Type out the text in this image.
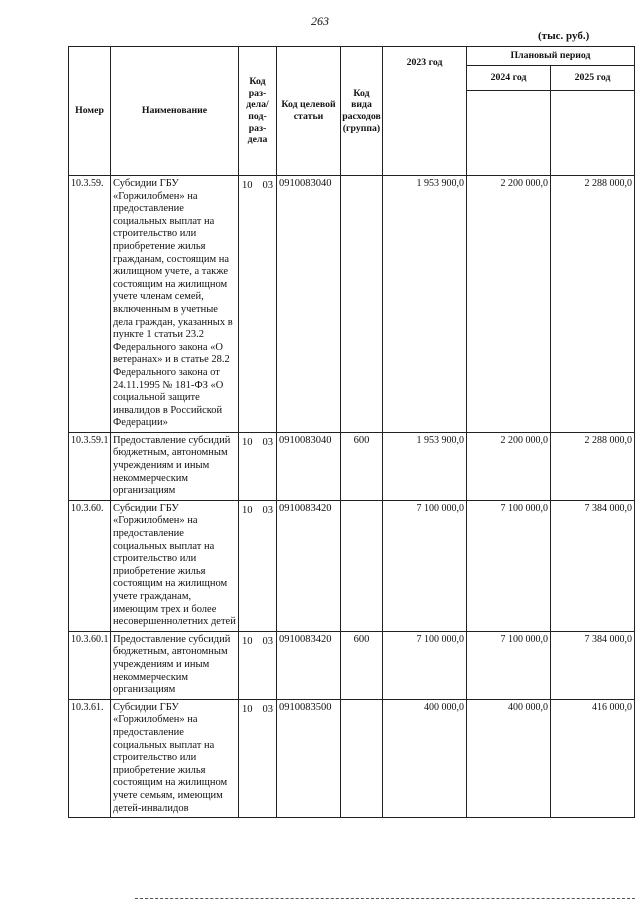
263
(тыс. руб.)
Номер	Наименование	Код раз-дела/ под-раз-дела	Код целевой статьи	Код вида расходов (группа)	2023 год	Плановый период	
						2024 год	2025 год

10.3.59.	Субсидии ГБУ «Горжилобмен» на предоставление социальных выплат на строительство или приобретение жилья гражданам, состоящим на жилищном учете, а также состоящим на жилищном учете членам семей, включенным в учетные дела граждан, указанных в пункте 1 статьи 23.2 Федерального закона «О ветеранах» и в статье 28.2 Федерального закона от 24.11.1995 № 181-ФЗ «О социальной защите инвалидов в Российской Федерации»	10 03	0910083040		1 953 900,0	2 200 000,0	2 288 000,0
10.3.59.1	Предоставление субсидий бюджетным, автономным учреждениям и иным некоммерческим организациям	10 03	0910083040	600	1 953 900,0	2 200 000,0	2 288 000,0
10.3.60.	Субсидии ГБУ «Горжилобмен» на предоставление социальных выплат на строительство или приобретение жилья состоящим на жилищном учете гражданам, имеющим трех и более несовершеннолетних детей	10 03	0910083420		7 100 000,0	7 100 000,0	7 384 000,0
10.3.60.1	Предоставление субсидий бюджетным, автономным учреждениям и иным некоммерческим организациям	10 03	0910083420	600	7 100 000,0	7 100 000,0	7 384 000,0
10.3.61.	Субсидии ГБУ «Горжилобмен» на предоставление социальных выплат на строительство или приобретение жилья состоящим на жилищном учете семьям, имеющим детей-инвалидов	10 03	0910083500		400 000,0	400 000,0	416 000,0
